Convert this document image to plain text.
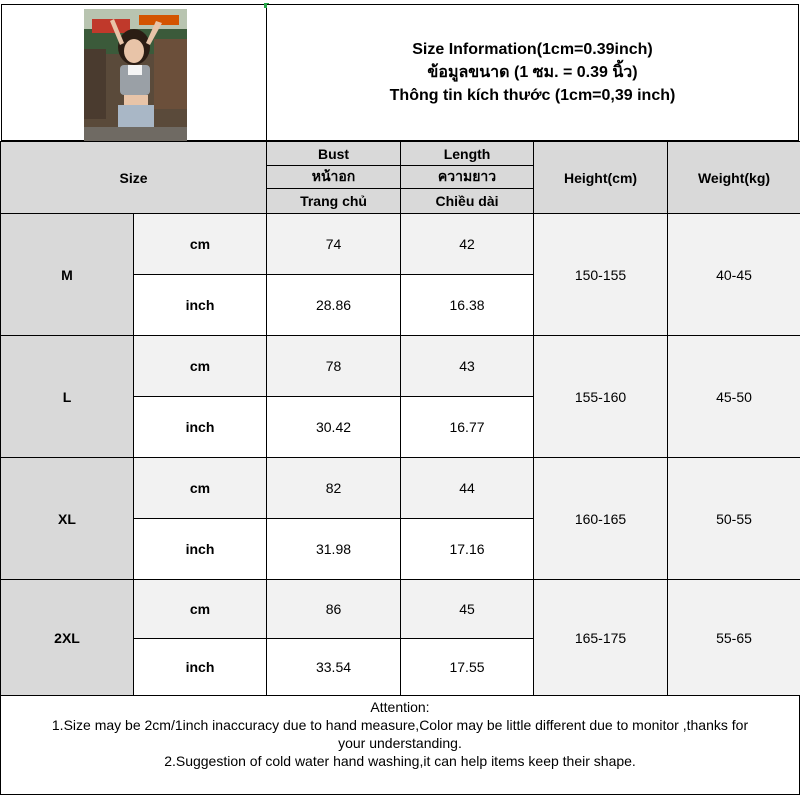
Size Information(1cm=0.39inch)
ข้อมูลขนาด (1 ซม. = 0.39 นิ้ว)
Thông tin kích thước (1cm=0,39 inch)
Size		Bust	Length	Height(cm)	Weight(kg)
		หน้าอก	ความยาว		
		Trang chủ	Chiều dài		
M	cm	74	42	150-155	40-45
	inch	28.86	16.38		
L	cm	78	43	155-160	45-50
	inch	30.42	16.77		
XL	cm	82	44	160-165	50-55
	inch	31.98	17.16		
2XL	cm	86	45	165-175	55-65
	inch	33.54	17.55		

Attention:

1.Size may be 2cm/1inch inaccuracy due to hand measure,Color may be little different due to monitor ,thanks for your understanding.

2.Suggestion of cold water hand washing,it can help items keep their shape.
